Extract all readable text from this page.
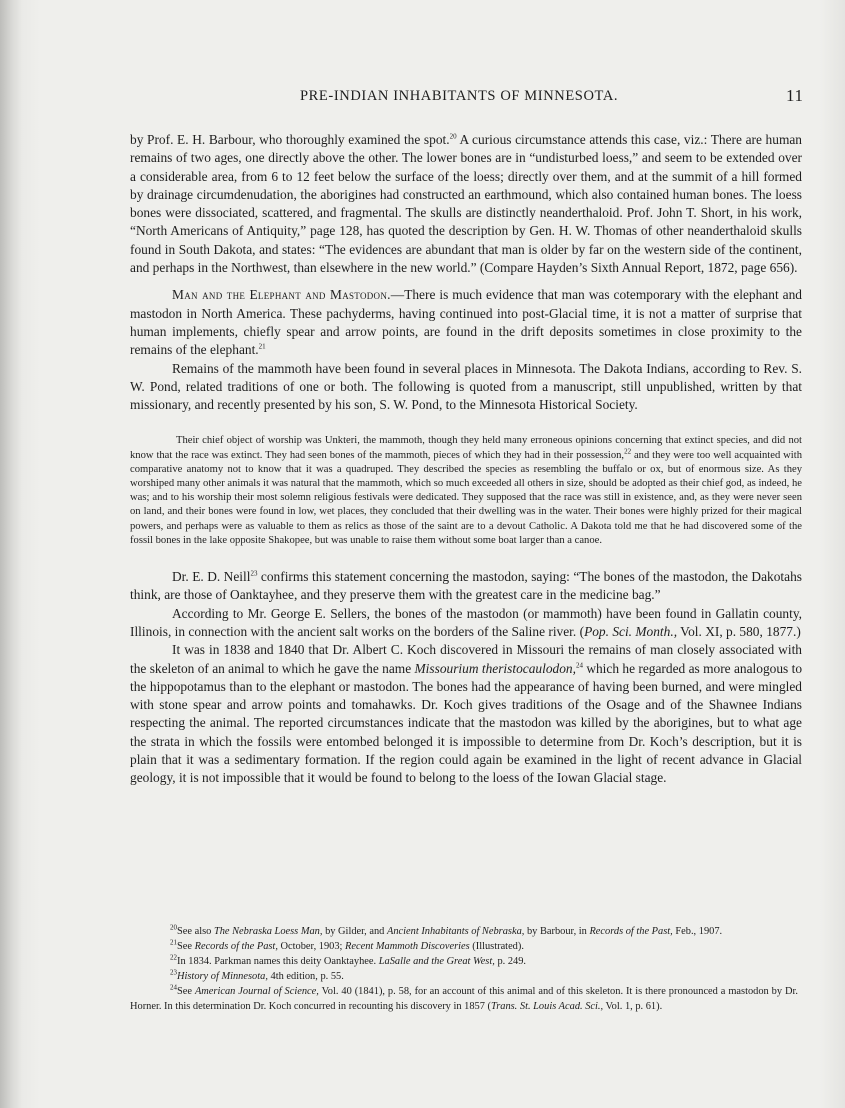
PRE-INDIAN INHABITANTS OF MINNESOTA.	11

by Prof. E. H. Barbour, who thoroughly examined the spot.$^{20}$ A curious circumstance attends this case, viz.: There are human remains of two ages, one directly above the other. The lower bones are in “undisturbed loess,” and seem to be extended over a considerable area, from 6 to 12 feet below the surface of the loess; directly over them, and at the summit of a hill formed by drainage circumdenudation, the aborigines had constructed an earthmound, which also contained human bones. The loess bones were dissociated, scattered, and fragmental. The skulls are distinctly neanderthaloid. Prof. John T. Short, in his work, “North Americans of Antiquity,” page 128, has quoted the description by Gen. H. W. Thomas of other neanderthaloid skulls found in South Dakota, and states: “The evidences are abundant that man is older by far on the western side of the continent, and perhaps in the Northwest, than elsewhere in the new world.” (Compare Hayden’s Sixth Annual Report, 1872, page 656).

Man and the Elephant and Mastodon.—There is much evidence that man was cotemporary with the elephant and mastodon in North America. These pachyderms, having continued into post-Glacial time, it is not a matter of surprise that human implements, chiefly spear and arrow points, are found in the drift deposits sometimes in close proximity to the remains of the elephant.$^{21}$

Remains of the mammoth have been found in several places in Minnesota. The Dakota Indians, according to Rev. S. W. Pond, related traditions of one or both. The following is quoted from a manuscript, still unpublished, written by that missionary, and recently presented by his son, S. W. Pond, to the Minnesota Historical Society.

Their chief object of worship was Unkteri, the mammoth, though they held many erroneous opinions concerning that extinct species, and did not know that the race was extinct. They had seen bones of the mammoth, pieces of which they had in their possession,$^{22}$ and they were too well acquainted with comparative anatomy not to know that it was a quadruped. They described the species as resembling the buffalo or ox, but of enormous size. As they worshiped many other animals it was natural that the mammoth, which so much exceeded all others in size, should be adopted as their chief god, as indeed, he was; and to his worship their most solemn religious festivals were dedicated. They supposed that the race was still in existence, and, as they were never seen on land, and their bones were found in low, wet places, they concluded that their dwelling was in the water. Their bones were highly prized for their magical powers, and perhaps were as valuable to them as relics as those of the saint are to a devout Catholic. A Dakota told me that he had discovered some of the fossil bones in the lake opposite Shakopee, but was unable to raise them without some boat larger than a canoe.

Dr. E. D. Neill$^{23}$ confirms this statement concerning the mastodon, saying: “The bones of the mastodon, the Dakotahs think, are those of Oanktayhee, and they preserve them with the greatest care in the medicine bag.”

According to Mr. George E. Sellers, the bones of the mastodon (or mammoth) have been found in Gallatin county, Illinois, in connection with the ancient salt works on the borders of the Saline river. (Pop. Sci. Month., Vol. XI, p. 580, 1877.)

It was in 1838 and 1840 that Dr. Albert C. Koch discovered in Missouri the remains of man closely associated with the skeleton of an animal to which he gave the name Missourium theristocaulodon,$^{24}$ which he regarded as more analogous to the hippopotamus than to the elephant or mastodon. The bones had the appearance of having been burned, and were mingled with stone spear and arrow points and tomahawks. Dr. Koch gives traditions of the Osage and of the Shawnee Indians respecting the animal. The reported circumstances indicate that the mastodon was killed by the aborigines, but to what age the strata in which the fossils were entombed belonged it is impossible to determine from Dr. Koch’s description, but it is plain that it was a sedimentary formation. If the region could again be examined in the light of recent advance in Glacial geology, it is not impossible that it would be found to belong to the loess of the Iowan Glacial stage.

$^{20}$See also The Nebraska Loess Man, by Gilder, and Ancient Inhabitants of Nebraska, by Barbour, in Records of the Past, Feb., 1907.

$^{21}$See Records of the Past, October, 1903; Recent Mammoth Discoveries (Illustrated).

$^{22}$In 1834. Parkman names this deity Oanktayhee. LaSalle and the Great West, p. 249.

$^{23}$History of Minnesota, 4th edition, p. 55.

$^{24}$See American Journal of Science, Vol. 40 (1841), p. 58, for an account of this animal and of this skeleton. It is there pronounced a mastodon by Dr. Horner. In this determination Dr. Koch concurred in recounting his discovery in 1857 (Trans. St. Louis Acad. Sci., Vol. 1, p. 61).
